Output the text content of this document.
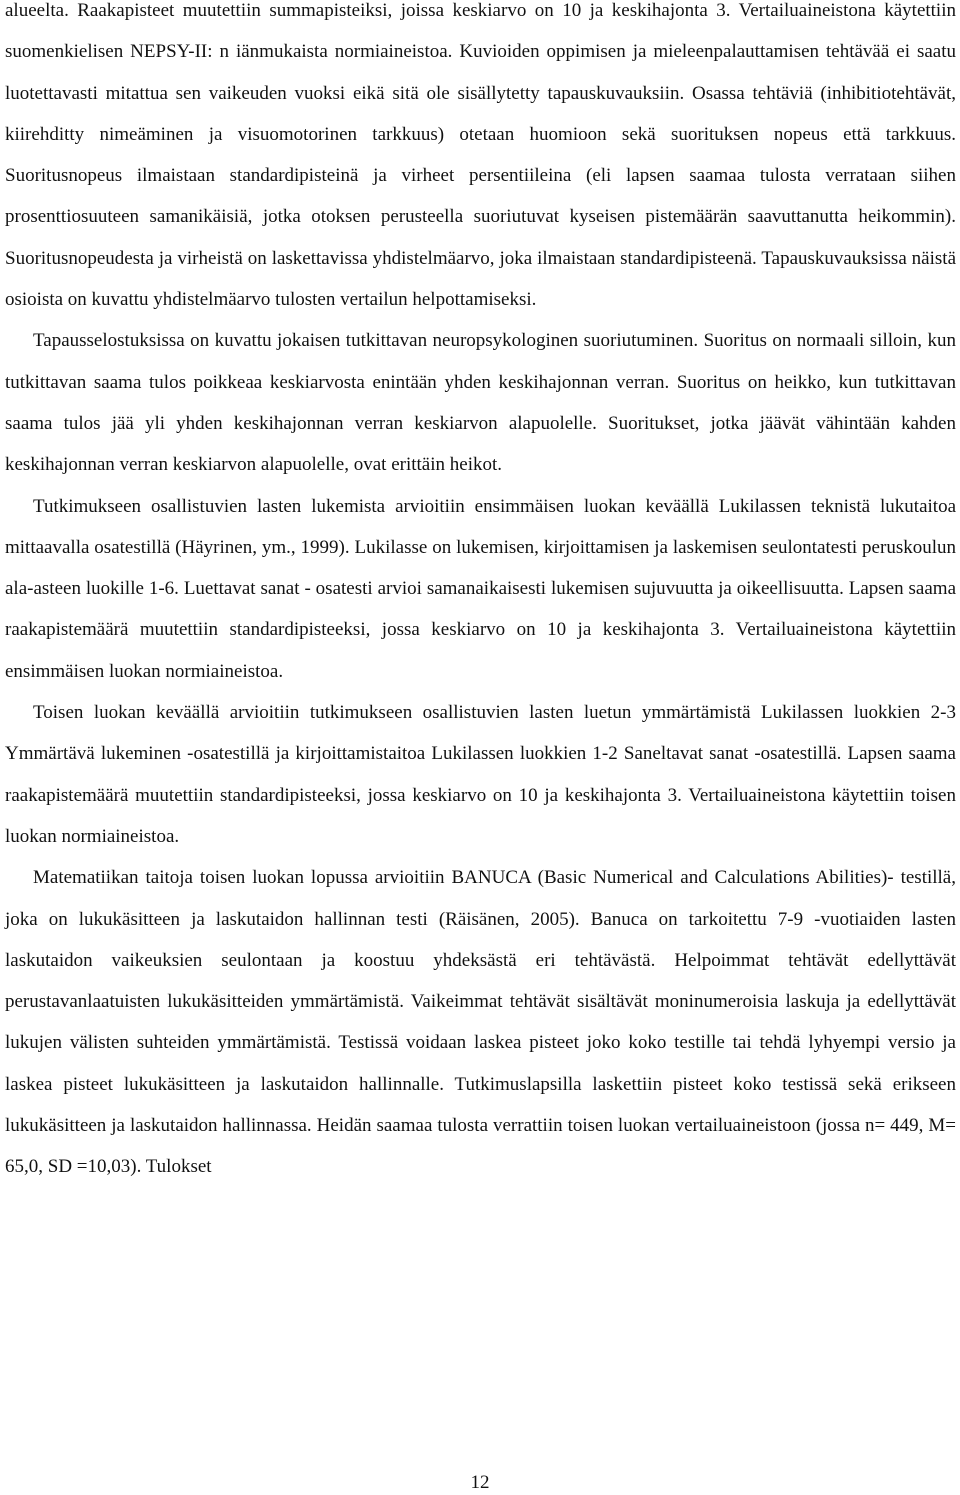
alueelta. Raakapisteet muutettiin summapisteiksi, joissa keskiarvo on 10 ja keskihajonta 3. Vertailuaineistona käytettiin suomenkielisen NEPSY-II: n iänmukaista normiaineistoa. Kuvioiden oppimisen ja mieleenpalauttamisen tehtävää ei saatu luotettavasti mitattua sen vaikeuden vuoksi eikä sitä ole sisällytetty tapauskuvauksiin. Osassa tehtäviä (inhibitiotehtävät, kiirehditty nimeäminen ja visuomotorinen tarkkuus) otetaan huomioon sekä suorituksen nopeus että tarkkuus. Suoritusnopeus ilmaistaan standardipisteinä ja virheet persentiileina (eli lapsen saamaa tulosta verrataan siihen prosenttiosuuteen samanikäisiä, jotka otoksen perusteella suoriutuvat kyseisen pistemäärän saavuttanutta heikommin). Suoritusnopeudesta ja virheistä on laskettavissa yhdistelmäarvo, joka ilmaistaan standardipisteenä. Tapauskuvauksissa näistä osioista on kuvattu yhdistelmäarvo tulosten vertailun helpottamiseksi.

Tapausselostuksissa on kuvattu jokaisen tutkittavan neuropsykologinen suoriutuminen. Suoritus on normaali silloin, kun tutkittavan saama tulos poikkeaa keskiarvosta enintään yhden keskihajonnan verran. Suoritus on heikko, kun tutkittavan saama tulos jää yli yhden keskihajonnan verran keskiarvon alapuolelle. Suoritukset, jotka jäävät vähintään kahden keskihajonnan verran keskiarvon alapuolelle, ovat erittäin heikot.

Tutkimukseen osallistuvien lasten lukemista arvioitiin ensimmäisen luokan keväällä Lukilassen teknistä lukutaitoa mittaavalla osatestillä (Häyrinen, ym., 1999). Lukilasse on lukemisen, kirjoittamisen ja laskemisen seulontatesti peruskoulun ala-asteen luokille 1-6. Luettavat sanat - osatesti arvioi samanaikaisesti lukemisen sujuvuutta ja oikeellisuutta. Lapsen saama raakapistemäärä muutettiin standardipisteeksi, jossa keskiarvo on 10 ja keskihajonta 3. Vertailuaineistona käytettiin ensimmäisen luokan normiaineistoa.

Toisen luokan keväällä arvioitiin tutkimukseen osallistuvien lasten luetun ymmärtämistä Lukilassen luokkien 2-3 Ymmärtävä lukeminen -osatestillä ja kirjoittamistaitoa Lukilassen luokkien 1-2 Saneltavat sanat -osatestillä. Lapsen saama raakapistemäärä muutettiin standardipisteeksi, jossa keskiarvo on 10 ja keskihajonta 3. Vertailuaineistona käytettiin toisen luokan normiaineistoa.

Matematiikan taitoja toisen luokan lopussa arvioitiin BANUCA (Basic Numerical and Calculations Abilities)- testillä, joka on lukukäsitteen ja laskutaidon hallinnan testi (Räisänen, 2005). Banuca on tarkoitettu 7-9 -vuotiaiden lasten laskutaidon vaikeuksien seulontaan ja koostuu yhdeksästä eri tehtävästä. Helpoimmat tehtävät edellyttävät perustavanlaatuisten lukukäsitteiden ymmärtämistä. Vaikeimmat tehtävät sisältävät moninumeroisia laskuja ja edellyttävät lukujen välisten suhteiden ymmärtämistä. Testissä voidaan laskea pisteet joko koko testille tai tehdä lyhyempi versio ja laskea pisteet lukukäsitteen ja laskutaidon hallinnalle. Tutkimuslapsilla laskettiin pisteet koko testissä sekä erikseen lukukäsitteen ja laskutaidon hallinnassa. Heidän saamaa tulosta verrattiin toisen luokan vertailuaineistoon (jossa n= 449, M= 65,0, SD =10,03). Tulokset

12
